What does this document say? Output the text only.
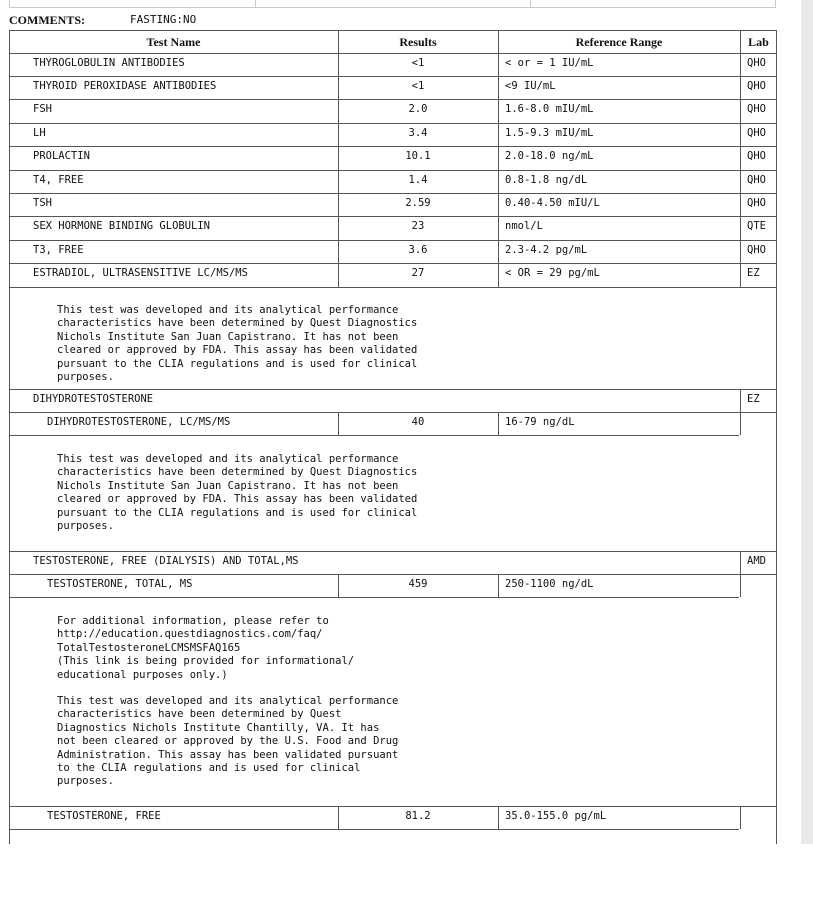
COMMENTS:	FASTING:NO
Test Name	Results	Reference Range	Lab
THYROGLOBULIN ANTIBODIES	<1	< or = 1 IU/mL	QHO
THYROID PEROXIDASE ANTIBODIES	<1	<9 IU/mL	QHO
FSH	2.0	1.6-8.0 mIU/mL	QHO
LH	3.4	1.5-9.3 mIU/mL	QHO
PROLACTIN	10.1	2.0-18.0 ng/mL	QHO
T4, FREE	1.4	0.8-1.8 ng/dL	QHO
TSH	2.59	0.40-4.50 mIU/L	QHO
SEX HORMONE BINDING GLOBULIN	23	nmol/L	QTE
T3, FREE	3.6	2.3-4.2 pg/mL	QHO
ESTRADIOL, ULTRASENSITIVE LC/MS/MS	27	< OR = 29 pg/mL	EZ
This test was developed and its analytical performance
characteristics have been determined by Quest Diagnostics
Nichols Institute San Juan Capistrano. It has not been
cleared or approved by FDA. This assay has been validated
pursuant to the CLIA regulations and is used for clinical
purposes.
DIHYDROTESTOSTERONE	EZ
DIHYDROTESTOSTERONE, LC/MS/MS	40	16-79 ng/dL
This test was developed and its analytical performance
characteristics have been determined by Quest Diagnostics
Nichols Institute San Juan Capistrano. It has not been
cleared or approved by FDA. This assay has been validated
pursuant to the CLIA regulations and is used for clinical
purposes.
TESTOSTERONE, FREE (DIALYSIS) AND TOTAL,MS	AMD
TESTOSTERONE, TOTAL, MS	459	250-1100 ng/dL
For additional information, please refer to
http://education.questdiagnostics.com/faq/
TotalTestosteroneLCMSMSFAQ165
(This link is being provided for informational/
educational purposes only.)
This test was developed and its analytical performance
characteristics have been determined by Quest
Diagnostics Nichols Institute Chantilly, VA. It has
not been cleared or approved by the U.S. Food and Drug
Administration. This assay has been validated pursuant
to the CLIA regulations and is used for clinical
purposes.
TESTOSTERONE, FREE	81.2	35.0-155.0 pg/mL
